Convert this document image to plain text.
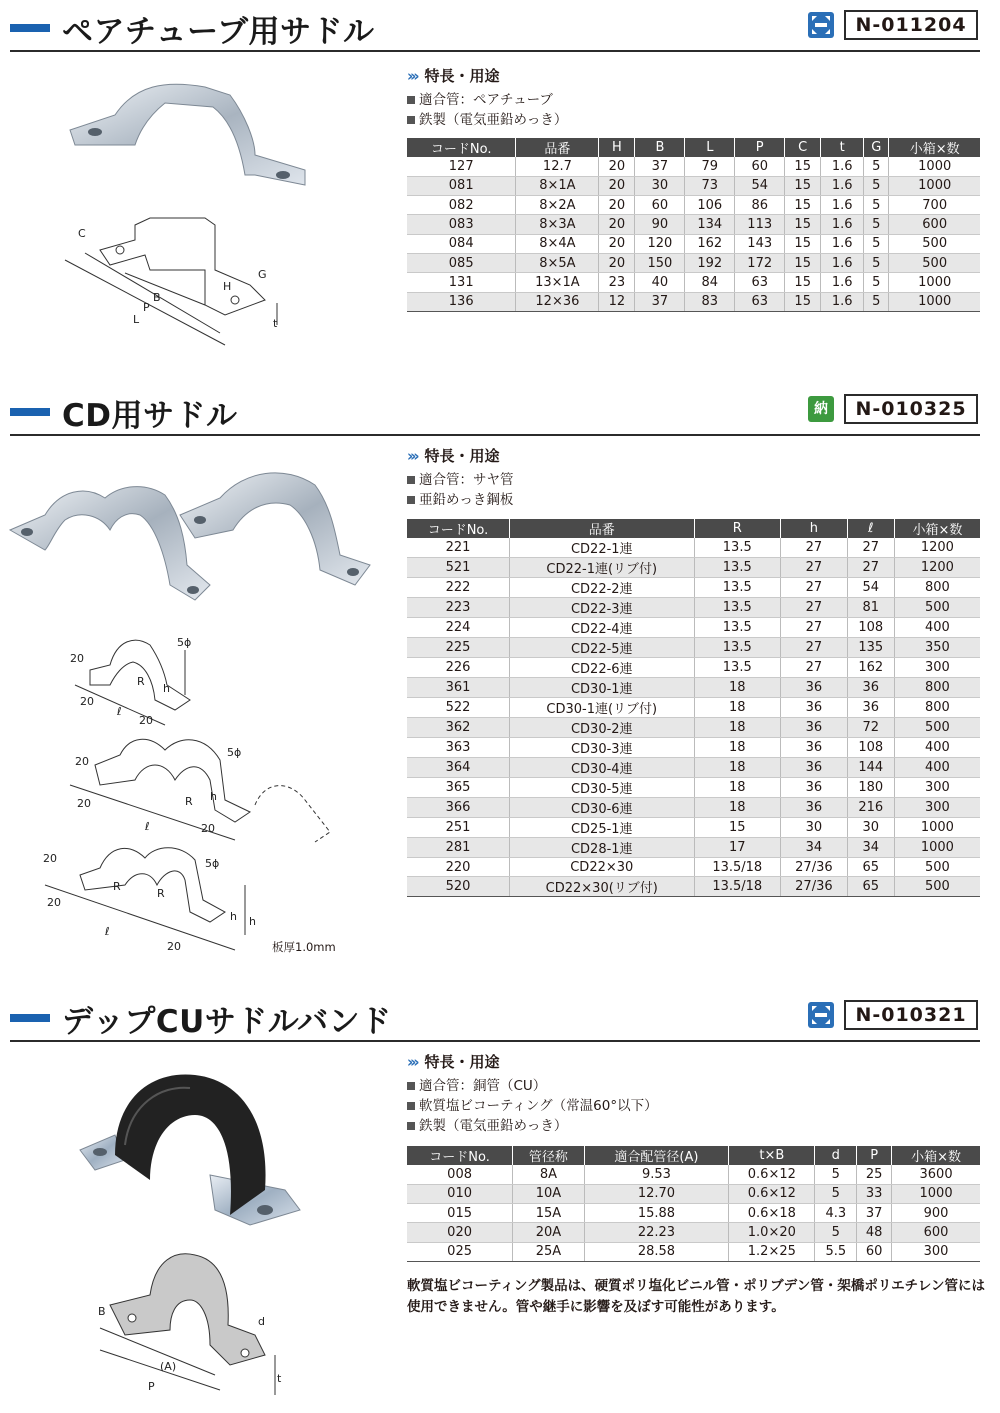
ペアチューブ用サドル	N-011204
C
B
P
L
G
H
t
››› 特長・用途
適合管：ペアチューブ
鉄製（電気亜鉛めっき）
コードNo.	品番	H	B	L	P	C	t	G	小箱×数
127	12.7	20	37	79	60	15	1.6	5	1000
081	8×1A	20	30	73	54	15	1.6	5	1000
082	8×2A	20	60	106	86	15	1.6	5	700
083	8×3A	20	90	134	113	15	1.6	5	600
084	8×4A	20	120	162	143	15	1.6	5	500
085	8×5A	20	150	192	172	15	1.6	5	500
131	13×1A	23	40	84	63	15	1.6	5	1000
136	12×36	12	37	83	63	15	1.6	5	1000
CD用サドル	納	N-010325
5ϕ
20
20
20
R
h
ℓ
5ϕ
20
20
20
R h
ℓ
5ϕ
20
20
20
R
R
h h
ℓ
板厚1.0mm
››› 特長・用途
適合管：サヤ管
亜鉛めっき鋼板
コードNo.	品番	R	h	ℓ	小箱×数
221	CD22-1連	13.5	27	27	1200
521	CD22-1連(リブ付)	13.5	27	27	1200
222	CD22-2連	13.5	27	54	800
223	CD22-3連	13.5	27	81	500
224	CD22-4連	13.5	27	108	400
225	CD22-5連	13.5	27	135	350
226	CD22-6連	13.5	27	162	300
361	CD30-1連	18	36	36	800
522	CD30-1連(リブ付)	18	36	36	800
362	CD30-2連	18	36	72	500
363	CD30-3連	18	36	108	400
364	CD30-4連	18	36	144	400
365	CD30-5連	18	36	180	300
366	CD30-6連	18	36	216	300
251	CD25-1連	15	30	30	1000
281	CD28-1連	17	34	34	1000
220	CD22×30	13.5/18	27/36	65	500
520	CD22×30(リブ付)	13.5/18	27/36	65	500
デップCUサドルバンド	N-010321
B
d
(A)
P
t
››› 特長・用途
適合管：銅管（CU）
軟質塩ビコーティング（常温60°以下）
鉄製（電気亜鉛めっき）
コードNo.	管径称	適合配管径(A)	t×B	d	P	小箱×数
008	8A	9.53	0.6×12	5	25	3600
010	10A	12.70	0.6×12	5	33	1000
015	15A	15.88	0.6×18	4.3	37	900
020	20A	22.23	1.0×20	5	48	600
025	25A	28.58	1.2×25	5.5	60	300
軟質塩ビコーティング製品は、硬質ポリ塩化ビニル管・ポリブデン管・架橋ポリエチレン管には使用できません。管や継手に影響を及ぼす可能性があります。
